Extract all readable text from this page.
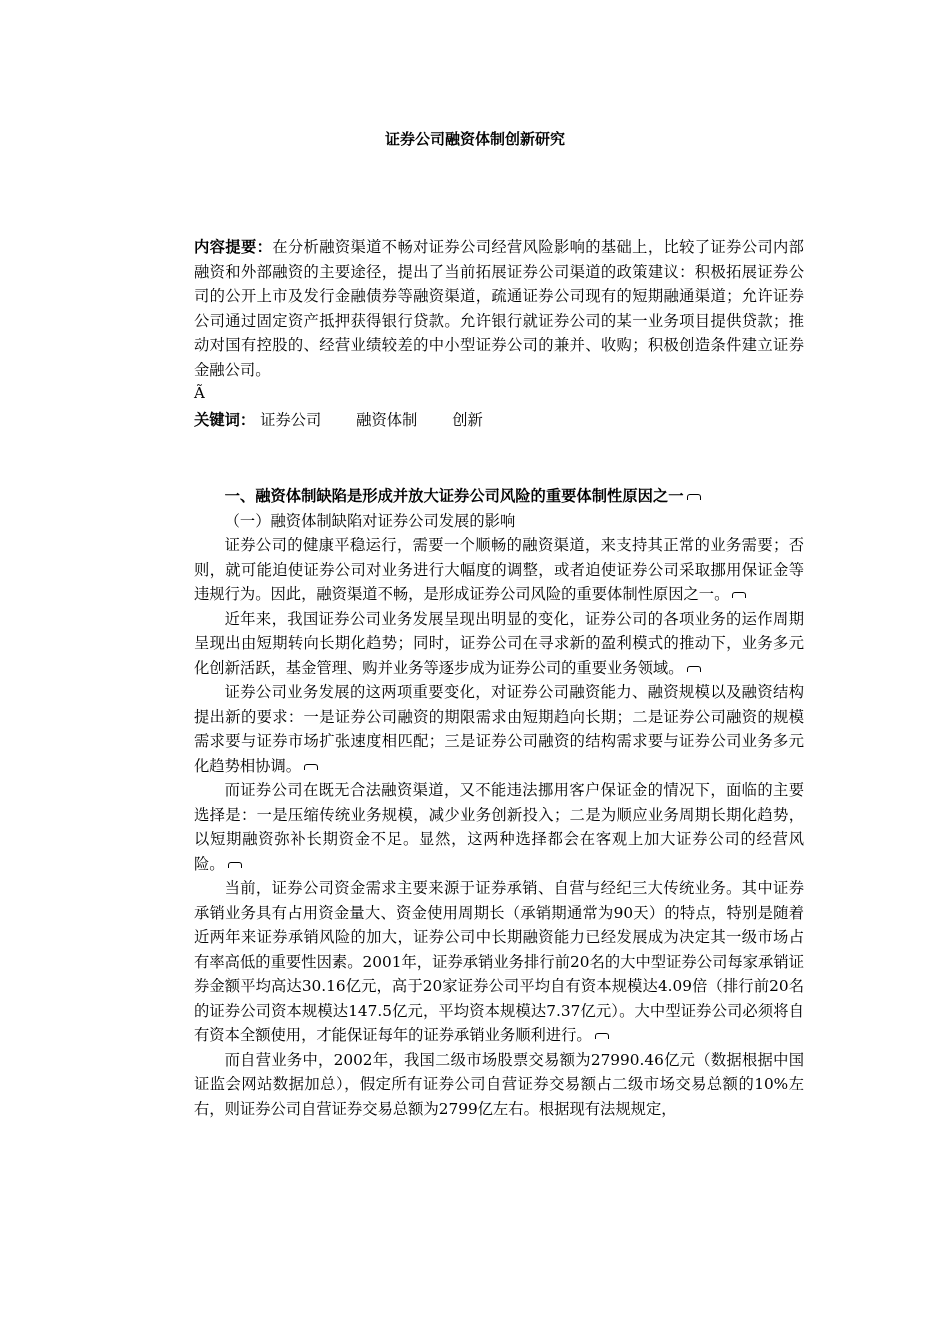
证券公司融资体制创新研究
内容提要：在分析融资渠道不畅对证券公司经营风险影响的基础上，比较了证券公司内部融资和外部融资的主要途径，提出了当前拓展证券公司渠道的政策建议：积极拓展证券公司的公开上市及发行金融债券等融资渠道，疏通证券公司现有的短期融通渠道；允许证券公司通过固定资产抵押获得银行贷款。允许银行就证券公司的某一业务项目提供贷款；推动对国有控股的、经营业绩较差的中小型证券公司的兼并、收购；积极创造条件建立证券金融公司。
Ã
关键词： 证券公司 融资体制 创新

一、融资体制缺陷是形成并放大证券公司风险的重要体制性原因之一

（一）融资体制缺陷对证券公司发展的影响

证券公司的健康平稳运行，需要一个顺畅的融资渠道，来支持其正常的业务需要；否则，就可能迫使证券公司对业务进行大幅度的调整，或者迫使证券公司采取挪用保证金等违规行为。因此，融资渠道不畅，是形成证券公司风险的重要体制性原因之一。

近年来，我国证券公司业务发展呈现出明显的变化，证券公司的各项业务的运作周期呈现出由短期转向长期化趋势；同时，证券公司在寻求新的盈利模式的推动下，业务多元化创新活跃，基金管理、购并业务等逐步成为证券公司的重要业务领域。

证券公司业务发展的这两项重要变化，对证券公司融资能力、融资规模以及融资结构提出新的要求：一是证券公司融资的期限需求由短期趋向长期；二是证券公司融资的规模需求要与证券市场扩张速度相匹配；三是证券公司融资的结构需求要与证券公司业务多元化趋势相协调。

而证券公司在既无合法融资渠道，又不能违法挪用客户保证金的情况下，面临的主要选择是：一是压缩传统业务规模，减少业务创新投入；二是为顺应业务周期长期化趋势，以短期融资弥补长期资金不足。显然，这两种选择都会在客观上加大证券公司的经营风险。

当前，证券公司资金需求主要来源于证券承销、自营与经纪三大传统业务。其中证券承销业务具有占用资金量大、资金使用周期长（承销期通常为90天）的特点，特别是随着近两年来证券承销风险的加大，证券公司中长期融资能力已经发展成为决定其一级市场占有率高低的重要性因素。2001年，证券承销业务排行前20名的大中型证券公司每家承销证券金额平均高达30.16亿元，高于20家证券公司平均自有资本规模达4.09倍（排行前20名的证券公司资本规模达147.5亿元，平均资本规模达7.37亿元）。大中型证券公司必须将自有资本全额使用，才能保证每年的证券承销业务顺利进行。

而自营业务中，2002年，我国二级市场股票交易额为27990.46亿元（数据根据中国证监会网站数据加总），假定所有证券公司自营证券交易额占二级市场交易总额的10%左右，则证券公司自营证券交易总额为2799亿左右。根据现有法规规定，
